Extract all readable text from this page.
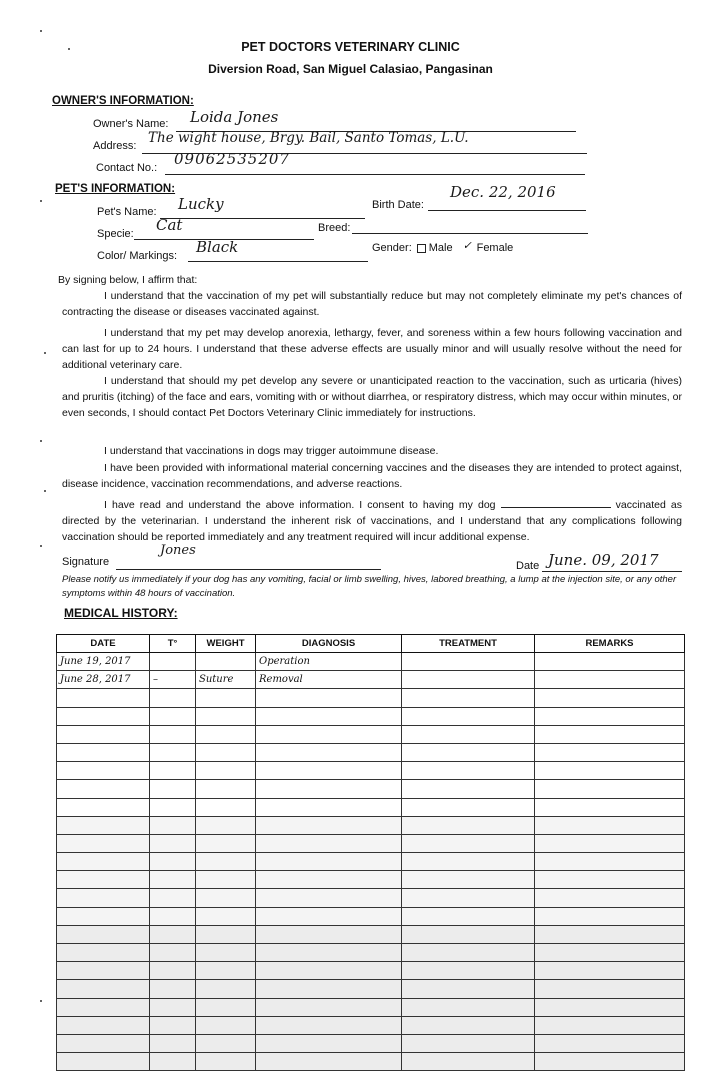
PET DOCTORS VETERINARY CLINIC
Diversion Road, San Miguel Calasiao, Pangasinan
OWNER'S INFORMATION:
Owner's Name: Loida Jones
Address: The wight house, Brgy. Bail, Santo Tomas, L.U.
Contact No.: 09062535207
PET'S INFORMATION:
Pet's Name: Lucky	Birth Date:
Dec. 22, 2016
Specie: Cat	Breed:
Color/ Markings: Black	Gender: Male ✓ Female
By signing below, I affirm that:
I understand that the vaccination of my pet will substantially reduce but may not completely eliminate my pet's chances of contracting the disease or diseases vaccinated against.
I understand that my pet may develop anorexia, lethargy, fever, and soreness within a few hours following vaccination and can last for up to 24 hours. I understand that these adverse effects are usually minor and will usually resolve without the need for additional veterinary care.
I understand that should my pet develop any severe or unanticipated reaction to the vaccination, such as urticaria (hives) and pruritis (itching) of the face and ears, vomiting with or without diarrhea, or respiratory distress, which may occur within minutes, or even seconds, I should contact Pet Doctors Veterinary Clinic immediately for instructions.
I understand that vaccinations in dogs may trigger autoimmune disease.
I have been provided with informational material concerning vaccines and the diseases they are intended to protect against, disease incidence, vaccination recommendations, and adverse reactions.
I have read and understand the above information. I consent to having my dog	vaccinated as directed by the veterinarian. I understand the inherent risk of vaccinations, and I understand that any complications following vaccination should be reported immediately and any treatment required will incur additional expense.
Signature
Jones
Date June. 09, 2017
Please notify us immediately if your dog has any vomiting, facial or limb swelling, hives, labored breathing, a lump at the injection site, or any other symptoms within 48 hours of vaccination.
MEDICAL HISTORY:
DATE	T°	WEIGHT	DIAGNOSIS	TREATMENT	REMARKS
June 19, 2017			Operation		
June 28, 2017	–	Suture	Removal		
